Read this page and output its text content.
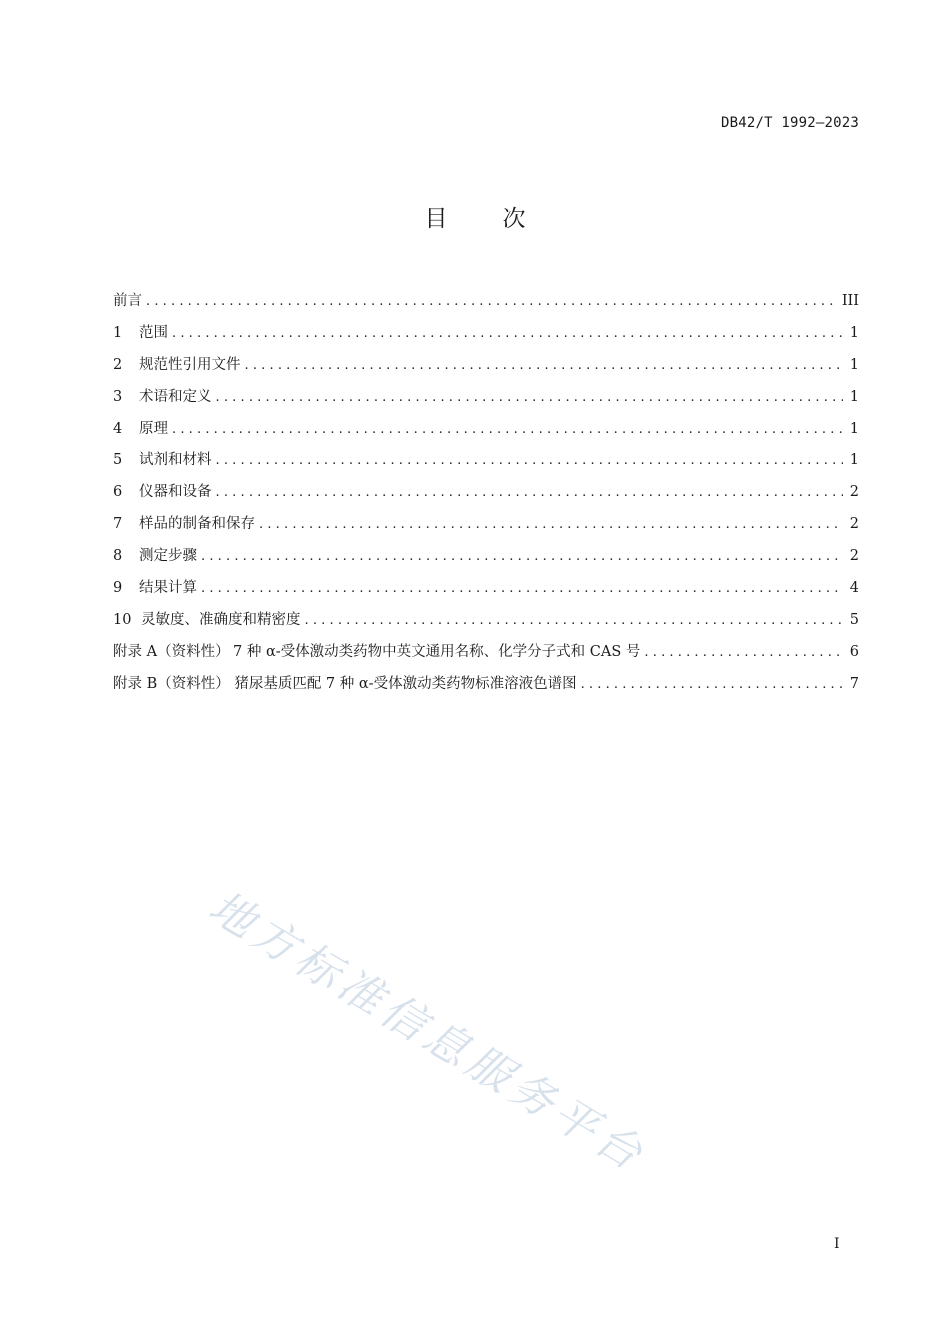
DB42/T 1992—2023
目次
前言 .....	III
1	范围 .....	1
2	规范性引用文件 .....	1
3	术语和定义 .....	1
4	原理 .....	1
5	试剂和材料 .....	1
6	仪器和设备 .....	2
7	样品的制备和保存 .....	2
8	测定步骤 .....	2
9	结果计算 .....	4
10 灵敏度、准确度和精密度 .....	5
附录 A（资料性） 7 种 α-受体激动类药物中英文通用名称、化学分子式和 CAS 号 .....	6
附录 B（资料性） 猪尿基质匹配 7 种 α-受体激动类药物标准溶液色谱图 .....	7
地方标准信息服务平台
I
